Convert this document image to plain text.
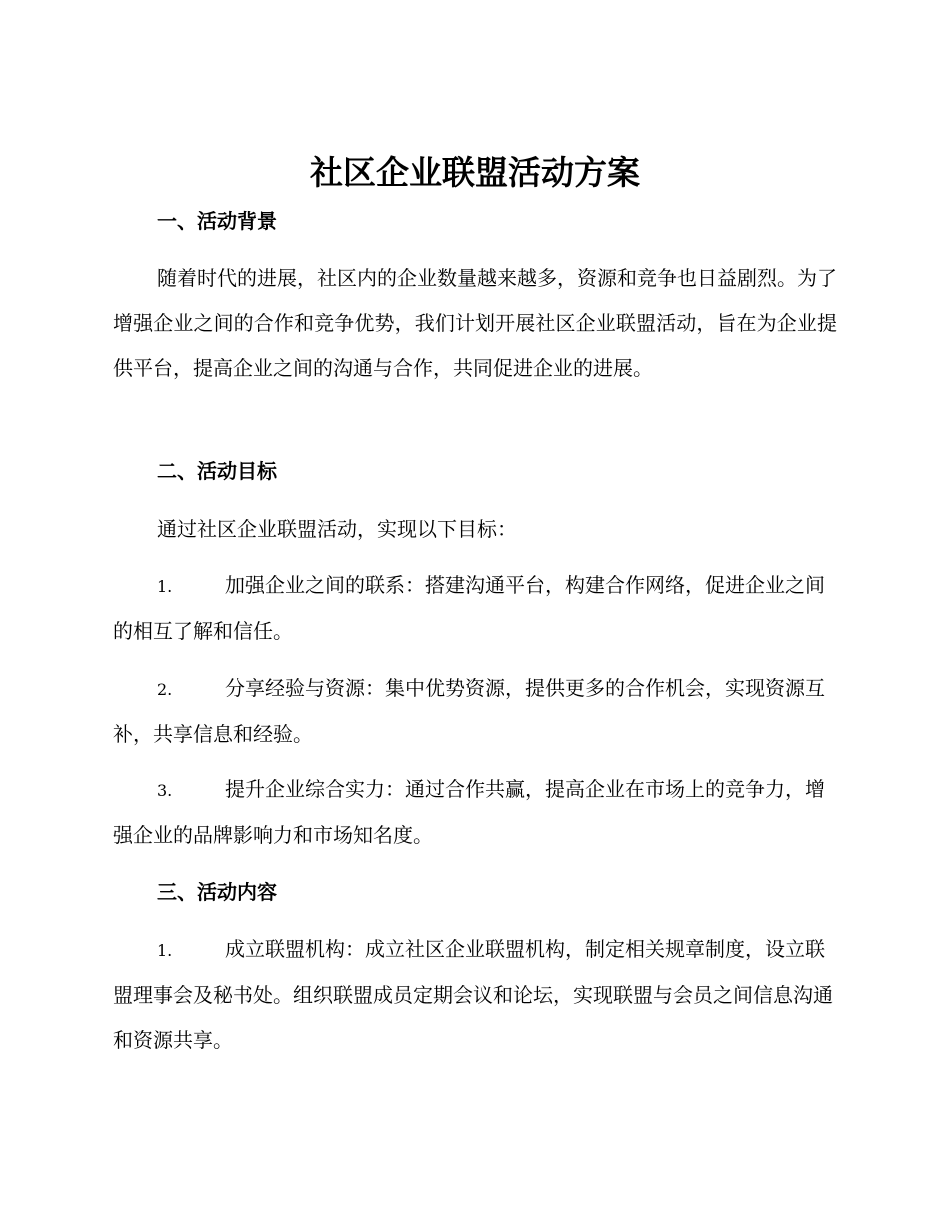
社区企业联盟活动方案
一、活动背景

随着时代的进展，社区内的企业数量越来越多，资源和竞争也日益剧烈。为了增强企业之间的合作和竞争优势，我们计划开展社区企业联盟活动，旨在为企业提供平台，提高企业之间的沟通与合作，共同促进企业的进展。

二、活动目标
通过社区企业联盟活动，实现以下目标：

1.	加强企业之间的联系：搭建沟通平台，构建合作网络，促进企业之间的相互了解和信任。

2.	分享经验与资源：集中优势资源，提供更多的合作机会，实现资源互补，共享信息和经验。

3.	提升企业综合实力：通过合作共赢，提高企业在市场上的竞争力，增强企业的品牌影响力和市场知名度。

三、活动内容

1.	成立联盟机构：成立社区企业联盟机构，制定相关规章制度，设立联盟理事会及秘书处。组织联盟成员定期会议和论坛，实现联盟与会员之间信息沟通和资源共享。
